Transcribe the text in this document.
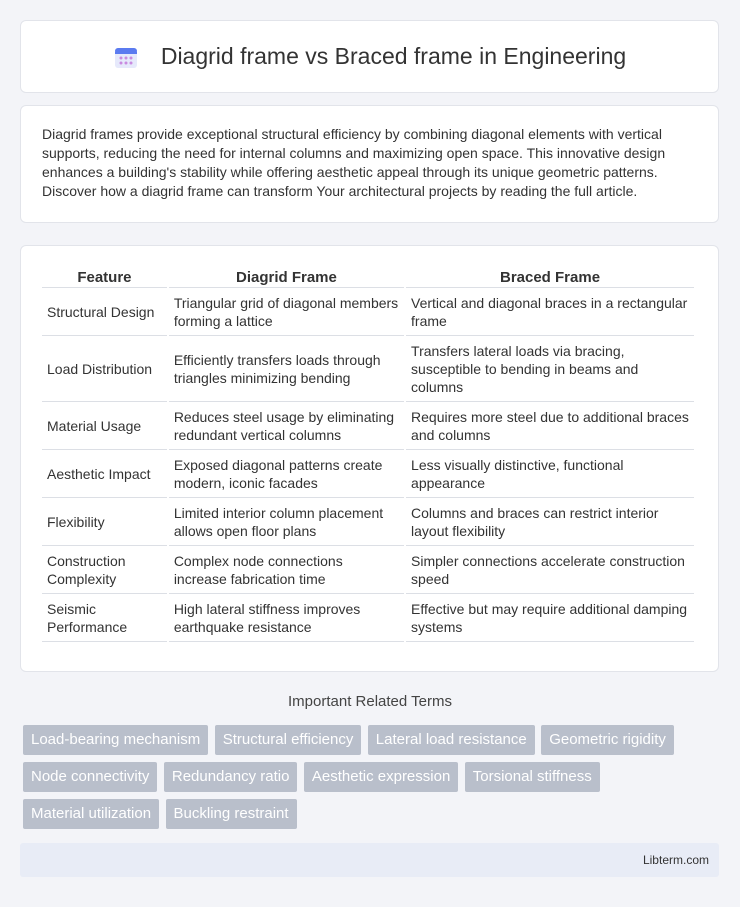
Diagrid frame vs Braced frame in Engineering

Diagrid frames provide exceptional structural efficiency by combining diagonal elements with vertical supports, reducing the need for internal columns and maximizing open space. This innovative design enhances a building's stability while offering aesthetic appeal through its unique geometric patterns. Discover how a diagrid frame can transform Your architectural projects by reading the full article.

Feature	Diagrid Frame	Braced Frame
Structural Design	Triangular grid of diagonal members forming a lattice	Vertical and diagonal braces in a rectangular frame
Load Distribution	Efficiently transfers loads through triangles minimizing bending	Transfers lateral loads via bracing, susceptible to bending in beams and columns
Material Usage	Reduces steel usage by eliminating redundant vertical columns	Requires more steel due to additional braces and columns
Aesthetic Impact	Exposed diagonal patterns create modern, iconic facades	Less visually distinctive, functional appearance
Flexibility	Limited interior column placement allows open floor plans	Columns and braces can restrict interior layout flexibility
Construction Complexity	Complex node connections increase fabrication time	Simpler connections accelerate construction speed
Seismic Performance	High lateral stiffness improves earthquake resistance	Effective but may require additional damping systems
Important Related Terms
Load-bearing mechanism Structural efficiency Lateral load resistance Geometric rigidity Node connectivity Redundancy ratio Aesthetic expression Torsional stiffness Material utilization Buckling restraint
Libterm.com
